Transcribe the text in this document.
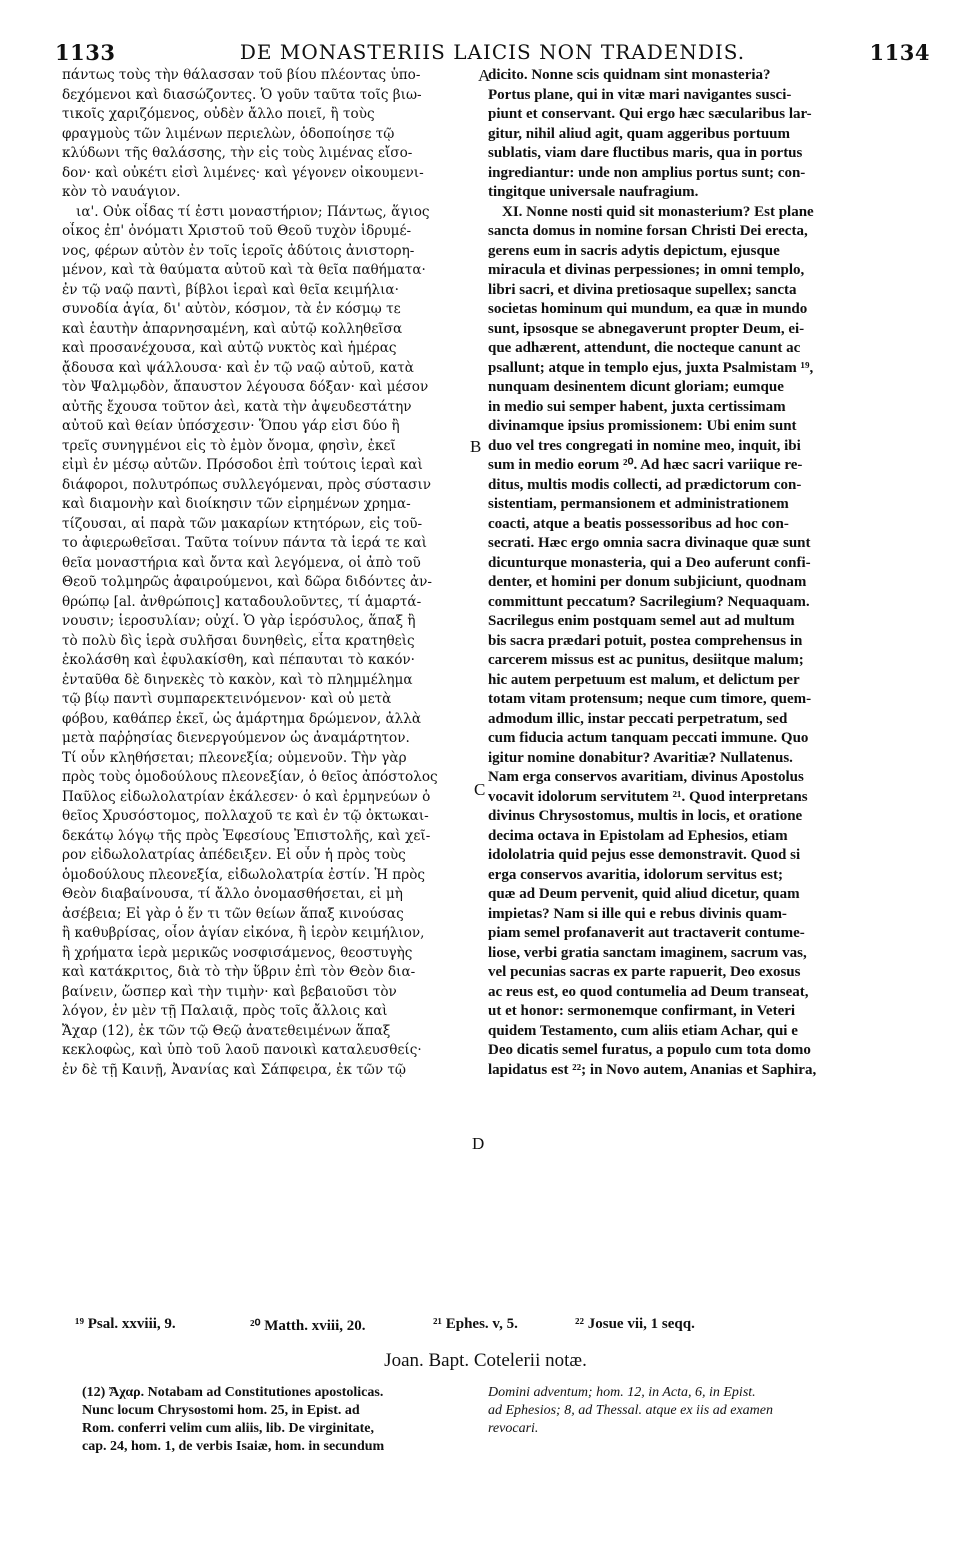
1133	DE MONASTERIIS LAICIS NON TRADENDIS.	1134
πάντως τοὺς τὴν θάλασσαν τοῦ βίου πλέοντας ὑπο-
δεχόμενοι καὶ διασώζοντες. Ὁ γοῦν ταῦτα τοῖς βιω-
τικοῖς χαριζόμενος, οὐδὲν ἄλλο ποιεῖ, ἢ τοὺς
φραγμοὺς τῶν λιμένων περιελὼν, ὁδοποίησε τῷ
κλύδωνι τῆς θαλάσσης, τὴν εἰς τοὺς λιμένας εἴσο-
δον· καὶ οὐκέτι εἰσὶ λιμένες· καὶ γέγονεν οἰκουμενι-
κὸν τὸ ναυάγιον.
ια'. Οὐκ οἶδας τί ἐστι μοναστήριον; Πάντως, ἅγιος
οἶκος ἐπ' ὀνόματι Χριστοῦ τοῦ Θεοῦ τυχὸν ἱδρυμέ-
νος, φέρων αὐτὸν ἐν τοῖς ἱεροῖς ἀδύτοις ἀνιστορη-
μένον, καὶ τὰ θαύματα αὐτοῦ καὶ τὰ θεῖα παθήματα·
ἐν τῷ ναῷ παντὶ, βίβλοι ἱεραὶ καὶ θεῖα κειμήλια·
συνοδία ἁγία, δι' αὐτὸν, κόσμον, τὰ ἐν κόσμῳ τε
καὶ ἑαυτὴν ἀπαρνησαμένη, καὶ αὐτῷ κολληθεῖσα
καὶ προσανέχουσα, καὶ αὐτῷ νυκτὸς καὶ ἡμέρας
ᾄδουσα καὶ ψάλλουσα· καὶ ἐν τῷ ναῷ αὐτοῦ, κατὰ
τὸν Ψαλμῳδὸν, ἄπαυστον λέγουσα δόξαν· καὶ μέσον
αὐτῆς ἔχουσα τοῦτον ἀεὶ, κατὰ τὴν ἀψευδεστάτην
αὐτοῦ καὶ θείαν ὑπόσχεσιν· Ὅπου γάρ εἰσι δύο ἢ
τρεῖς συνηγμένοι εἰς τὸ ἐμὸν ὄνομα, φησὶν, ἐκεῖ
εἰμὶ ἐν μέσῳ αὐτῶν. Πρόσοδοι ἐπὶ τούτοις ἱεραὶ καὶ
διάφοροι, πολυτρόπως συλλεγόμεναι, πρὸς σύστασιν
καὶ διαμονὴν καὶ διοίκησιν τῶν εἰρημένων χρημα-
τίζουσαι, αἱ παρὰ τῶν μακαρίων κτητόρων, εἰς τοῦ-
το ἀφιερωθεῖσαι. Ταῦτα τοίνυν πάντα τὰ ἱερά τε καὶ
θεῖα μοναστήρια καὶ ὄντα καὶ λεγόμενα, οἱ ἀπὸ τοῦ
Θεοῦ τολμηρῶς ἀφαιρούμενοι, καὶ δῶρα διδόντες ἀν-
θρώπῳ [al. ἀνθρώποις] καταδουλοῦντες, τί ἁμαρτά-
νουσιν; ἱεροσυλίαν; οὐχί. Ὁ γὰρ ἱερόσυλος, ἅπαξ ἢ
τὸ πολὺ δὶς ἱερὰ συλῆσαι δυνηθεὶς, εἶτα κρατηθεὶς
ἐκολάσθη καὶ ἐφυλακίσθη, καὶ πέπαυται τὸ κακόν·
ἐνταῦθα δὲ διηνεκὲς τὸ κακὸν, καὶ τὸ πλημμέλημα
τῷ βίῳ παντὶ συμπαρεκτεινόμενον· καὶ οὐ μετὰ
φόβου, καθάπερ ἐκεῖ, ὡς ἁμάρτημα δρώμενον, ἀλλὰ
μετὰ παῤῥησίας διενεργούμενον ὡς ἀναμάρτητον.
Τί οὖν κληθήσεται; πλεονεξία; οὐμενοῦν. Τὴν γὰρ
πρὸς τοὺς ὁμοδούλους πλεονεξίαν, ὁ θεῖος ἀπόστολος
Παῦλος εἰδωλολατρίαν ἐκάλεσεν· ὁ καὶ ἑρμηνεύων ὁ
θεῖος Χρυσόστομος, πολλαχοῦ τε καὶ ἐν τῷ ὀκτωκαι-
δεκάτῳ λόγῳ τῆς πρὸς Ἐφεσίους Ἐπιστολῆς, καὶ χεῖ-
ρον εἰδωλολατρίας ἀπέδειξεν. Εἰ οὖν ἡ πρὸς τοὺς
ὁμοδούλους πλεονεξία, εἰδωλολατρία ἐστίν. Ἡ πρὸς
Θεὸν διαβαίνουσα, τί ἄλλο ὀνομασθήσεται, εἰ μὴ
ἀσέβεια; Εἰ γὰρ ὁ ἕν τι τῶν θείων ἅπαξ κινούσας
ἢ καθυβρίσας, οἷον ἁγίαν εἰκόνα, ἢ ἱερὸν κειμήλιον,
ἢ χρήματα ἱερὰ μερικῶς νοσφισάμενος, θεοστυγὴς
καὶ κατάκριτος, διὰ τὸ τὴν ὕβριν ἐπὶ τὸν Θεὸν δια-
βαίνειν, ὥσπερ καὶ τὴν τιμὴν· καὶ βεβαιοῦσι τὸν
λόγον, ἐν μὲν τῇ Παλαιᾷ, πρὸς τοῖς ἄλλοις καὶ
Ἄχαρ (12), ἐκ τῶν τῷ Θεῷ ἀνατεθειμένων ἅπαξ
κεκλοφὼς, καὶ ὑπὸ τοῦ λαοῦ πανοικὶ καταλευσθείς·
ἐν δὲ τῇ Καινῇ, Ἀνανίας καὶ Σάπφειρα, ἐκ τῶν τῷ
dicito. Nonne scis quidnam sint monasteria?
Portus plane, qui in vitæ mari navigantes susci-
piunt et conservant. Qui ergo hæc sæcularibus lar-
gitur, nihil aliud agit, quam aggeribus portuum
sublatis, viam dare fluctibus maris, qua in portus
ingrediantur: unde non amplius portus sunt; con-
tingitque universale naufragium.
XI. Nonne nosti quid sit monasterium? Est plane
sancta domus in nomine forsan Christi Dei erecta,
gerens eum in sacris adytis depictum, ejusque
miracula et divinas perpessiones; in omni templo,
libri sacri, et divina pretiosaque supellex; sancta
societas hominum qui mundum, ea quæ in mundo
sunt, ipsosque se abnegaverunt propter Deum, ei-
que adhærent, attendunt, die nocteque canunt ac
psallunt; atque in templo ejus, juxta Psalmistam ¹⁹,
nunquam desinentem dicunt gloriam; eumque
in medio sui semper habent, juxta certissimam
divinamque ipsius promissionem: Ubi enim sunt
duo vel tres congregati in nomine meo, inquit, ibi
sum in medio eorum ²⁰. Ad hæc sacri variique re-
ditus, multis modis collecti, ad prædictorum con-
sistentiam, permansionem et administrationem
coacti, atque a beatis possessoribus ad hoc con-
secrati. Hæc ergo omnia sacra divinaque quæ sunt
dicunturque monasteria, qui a Deo auferunt confi-
denter, et homini per donum subjiciunt, quodnam
committunt peccatum? Sacrilegium? Nequaquam.
Sacrilegus enim postquam semel aut ad multum
bis sacra prædari potuit, postea comprehensus in
carcerem missus est ac punitus, desiitque malum;
hic autem perpetuum est malum, et delictum per
totam vitam protensum; neque cum timore, quem-
admodum illic, instar peccati perpetratum, sed
cum fiducia actum tanquam peccati immune. Quo
igitur nomine donabitur? Avaritiæ? Nullatenus.
Nam erga conservos avaritiam, divinus Apostolus
vocavit idolorum servitutem ²¹. Quod interpretans
divinus Chrysostomus, multis in locis, et oratione
decima octava in Epistolam ad Ephesios, etiam
idololatria quid pejus esse demonstravit. Quod si
erga conservos avaritia, idolorum servitus est;
quæ ad Deum pervenit, quid aliud dicetur, quam
impietas? Nam si ille qui e rebus divinis quam-
piam semel profanaverit aut tractaverit contume-
liose, verbi gratia sanctam imaginem, sacrum vas,
vel pecunias sacras ex parte rapuerit, Deo exosus
ac reus est, eo quod contumelia ad Deum transeat,
ut et honor: sermonemque confirmant, in Veteri
quidem Testamento, cum aliis etiam Achar, qui e
Deo dicatis semel furatus, a populo cum tota domo
lapidatus est ²²; in Novo autem, Ananias et Saphira,
A
B
C
D
¹⁹ Psal. xxviii, 9.	²⁰ Matth. xviii, 20.	²¹ Ephes. v, 5.	²² Josue vii, 1 seqq.
Joan. Bapt. Cotelerii notæ.
(12) Ἄχαρ. Notabam ad Constitutiones apostolicas.
Nunc locum Chrysostomi hom. 25, in Epist. ad
Rom. conferri velim cum aliis, lib. De virginitate,
cap. 24, hom. 1, de verbis Isaiæ, hom. in secundum
Domini adventum; hom. 12, in Acta, 6, in Epist.
ad Ephesios; 8, ad Thessal. atque ex iis ad examen
revocari.
